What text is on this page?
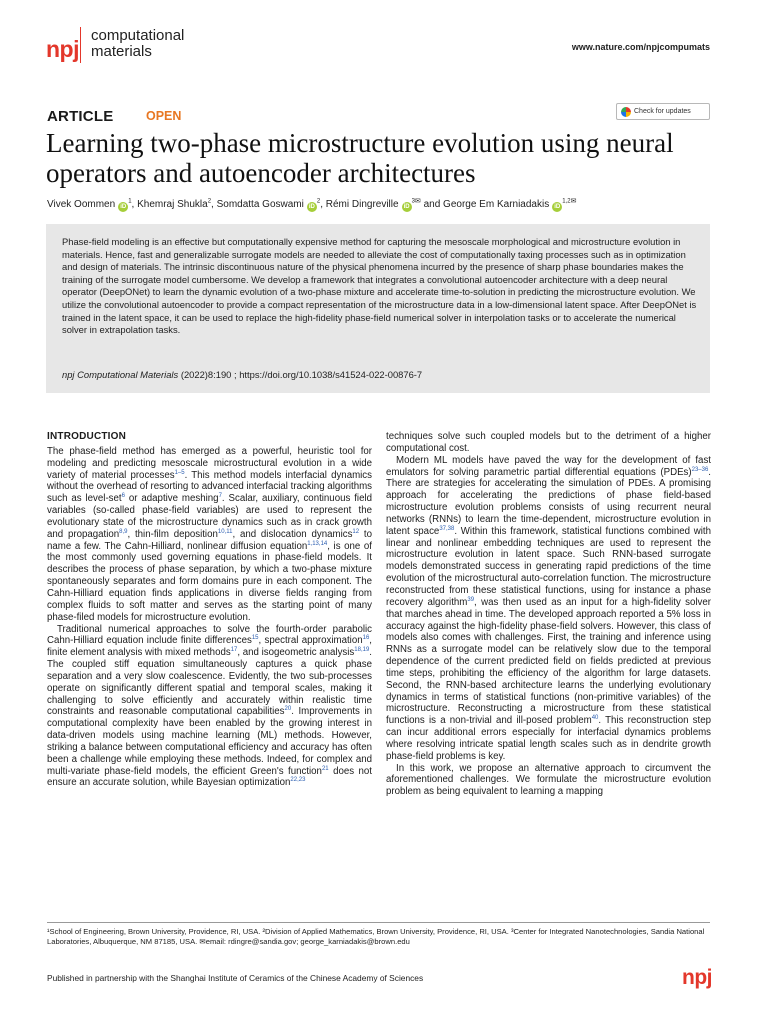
npj
computational
materials	www.nature.com/npjcompumats
ARTICLE	OPEN	Check for updates
Learning two-phase microstructure evolution using neural operators and autoencoder architectures
Vivek Oommen $iD^1$, Khemraj Shukla$^2$, Somdatta Goswami $iD^2$, Rémi Dingreville $iD^{3✉}$ and George Em Karniadakis $iD^{1,2✉}$
Phase-field modeling is an effective but computationally expensive method for capturing the mesoscale morphological and microstructure evolution in materials. Hence, fast and generalizable surrogate models are needed to alleviate the cost of computationally taxing processes such as in optimization and design of materials. The intrinsic discontinuous nature of the physical phenomena incurred by the presence of sharp phase boundaries makes the training of the surrogate model cumbersome. We develop a framework that integrates a convolutional autoencoder architecture with a deep neural operator (DeepONet) to learn the dynamic evolution of a two-phase mixture and accelerate time-to-solution in predicting the microstructure evolution. We utilize the convolutional autoencoder to provide a compact representation of the microstructure data in a low-dimensional latent space. After DeepONet is trained in the latent space, it can be used to replace the high-fidelity phase-field numerical solver in interpolation tasks or to accelerate the numerical solver in extrapolation tasks.
npj Computational Materials (2022)8:190 ; https://doi.org/10.1038/s41524-022-00876-7
INTRODUCTION

The phase-field method has emerged as a powerful, heuristic tool for modeling and predicting mesoscale microstructural evolution in a wide variety of material processes$^{1-5}$. This method models interfacial dynamics without the overhead of resorting to advanced interfacial tracking algorithms such as level-set$^6$ or adaptive meshing$^7$. Scalar, auxiliary, continuous field variables (so-called phase-field variables) are used to represent the evolutionary state of the microstructure dynamics such as in crack growth and propagation$^{8,9}$, thin-film deposition$^{10,11}$, and dislocation dynamics$^{12}$ to name a few. The Cahn-Hilliard, nonlinear diffusion equation$^{1,13,14}$, is one of the most commonly used governing equations in phase-field models. It describes the process of phase separation, by which a two-phase mixture spontaneously separates and form domains pure in each component. The Cahn-Hilliard equation finds applications in diverse fields ranging from complex fluids to soft matter and serves as the starting point of many phase-filed models for microstructure evolution.

Traditional numerical approaches to solve the fourth-order parabolic Cahn-Hilliard equation include finite differences$^{15}$, spectral approximation$^{16}$, finite element analysis with mixed methods$^{17}$, and isogeometric analysis$^{18,19}$. The coupled stiff equation simultaneously captures a quick phase separation and a very slow coalescence. Evidently, the two sub-processes operate on significantly different spatial and temporal scales, making it challenging to solve efficiently and accurately within realistic time constraints and reasonable computational capabilities$^{20}$. Improvements in computational complexity have been enabled by the growing interest in data-driven models using machine learning (ML) methods. However, striking a balance between computational efficiency and accuracy has often been a challenge while employing these methods. Indeed, for complex and multi-variate phase-field models, the efficient Green's function$^{21}$ does not ensure an accurate solution, while Bayesian optimization$^{22,23}$

techniques solve such coupled models but to the detriment of a higher computational cost.

Modern ML models have paved the way for the development of fast emulators for solving parametric partial differential equations (PDEs)$^{23-36}$. There are strategies for accelerating the simulation of PDEs. A promising approach for accelerating the predictions of phase field-based microstructure evolution problems consists of using recurrent neural networks (RNNs) to learn the time-dependent, microstructure evolution in latent space$^{37,38}$. Within this framework, statistical functions combined with linear and nonlinear embedding techniques are used to represent the microstructure evolution in latent space. Such RNN-based surrogate models demonstrated success in generating rapid predictions of the time evolution of the microstructural auto-correlation function. The microstructure reconstructed from these statistical functions, using for instance a phase recovery algorithm$^{39}$, was then used as an input for a high-fidelity solver that marches ahead in time. The developed approach reported a 5% loss in accuracy against the high-fidelity phase-field solvers. However, this class of models also comes with challenges. First, the training and inference using RNNs as a surrogate model can be relatively slow due to the temporal dependence of the current predicted field on fields predicted at previous time steps, prohibiting the efficiency of the algorithm for large datasets. Second, the RNN-based architecture learns the underlying evolutionary dynamics in terms of statistical functions (non-primitive variables) of the microstructure. Reconstructing a microstructure from these statistical functions is a non-trivial and ill-posed problem$^{40}$. This reconstruction step can incur additional errors especially for interfacial dynamics problems where resolving intricate spatial length scales such as in dendrite growth phase-field problems is key.

In this work, we propose an alternative approach to circumvent the aforementioned challenges. We formulate the microstructure evolution problem as being equivalent to learning a mapping

¹School of Engineering, Brown University, Providence, RI, USA. ²Division of Applied Mathematics, Brown University, Providence, RI, USA. ³Center for Integrated Nanotechnologies, Sandia National Laboratories, Albuquerque, NM 87185, USA. ✉email: rdingre@sandia.gov; george_karniadakis@brown.edu
Published in partnership with the Shanghai Institute of Ceramics of the Chinese Academy of Sciences	npj
